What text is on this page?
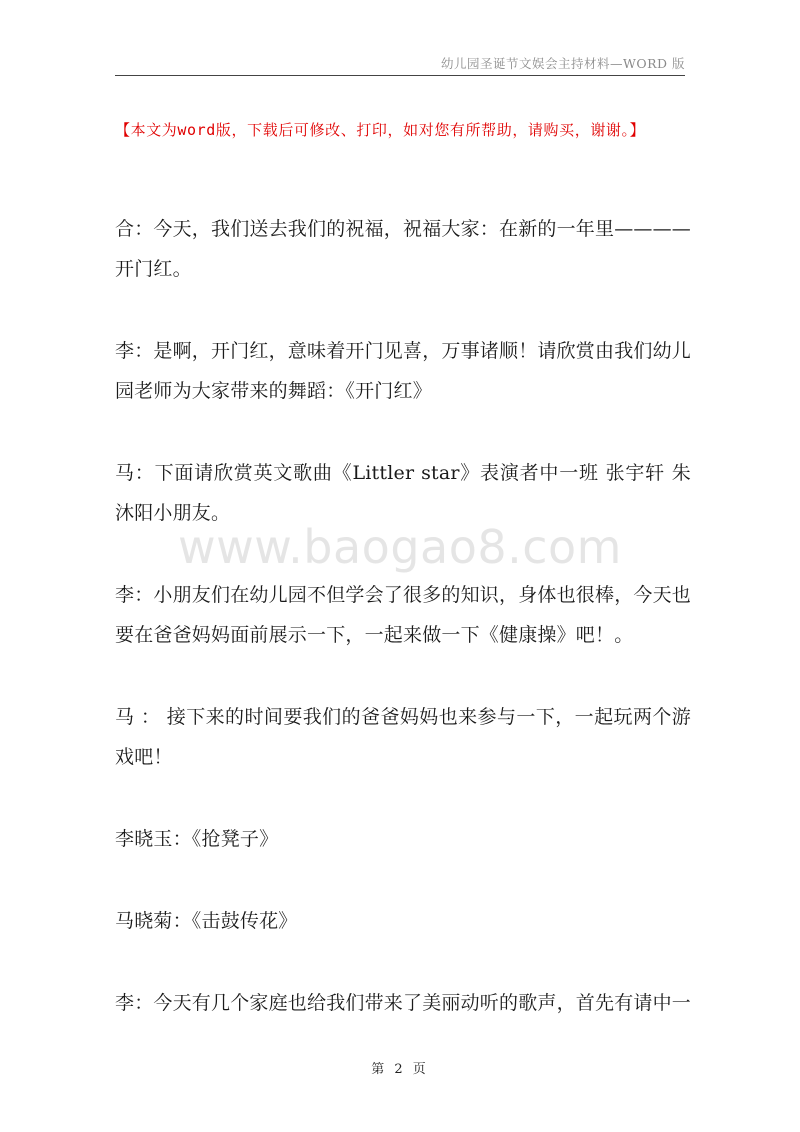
幼儿园圣诞节文娱会主持材料—WORD 版
【本文为word版，下载后可修改、打印，如对您有所帮助，请购买，谢谢。】
www.baogao8.com

合：今天，我们送去我们的祝福，祝福大家：在新的一年里————开门红。

李：是啊，开门红，意味着开门见喜，万事诸顺！请欣赏由我们幼儿园老师为大家带来的舞蹈：《开门红》

马：下面请欣赏英文歌曲《Littler star》表演者中一班 张宇轩 朱沐阳小朋友。

李：小朋友们在幼儿园不但学会了很多的知识，身体也很棒，今天也要在爸爸妈妈面前展示一下，一起来做一下《健康操》吧！。

马 ： 接下来的时间要我们的爸爸妈妈也来参与一下，一起玩两个游戏吧！

李晓玉：《抢凳子》

马晓菊：《击鼓传花》

李：今天有几个家庭也给我们带来了美丽动听的歌声，首先有请中一

第 2 页
